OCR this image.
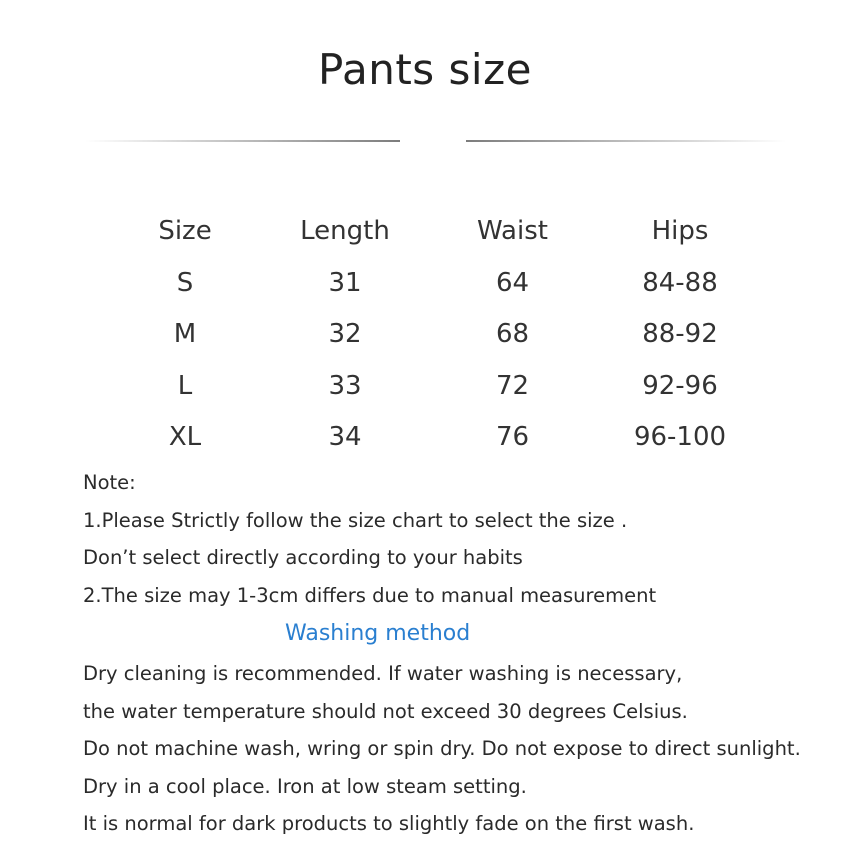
Pants size
Size	Length	Waist	Hips
S	31	64	84-88
M	32	68	88-92
L	33	72	92-96
XL	34	76	96-100
Note:
1.Please Strictly follow the size chart to select the size .
Don’t select directly according to your habits
2.The size may 1-3cm differs due to manual measurement
Washing method
Dry cleaning is recommended. If water washing is necessary,
the water temperature should not exceed 30 degrees Celsius.
Do not machine wash, wring or spin dry. Do not expose to direct sunlight.
Dry in a cool place. Iron at low steam setting.
It is normal for dark products to slightly fade on the first wash.
